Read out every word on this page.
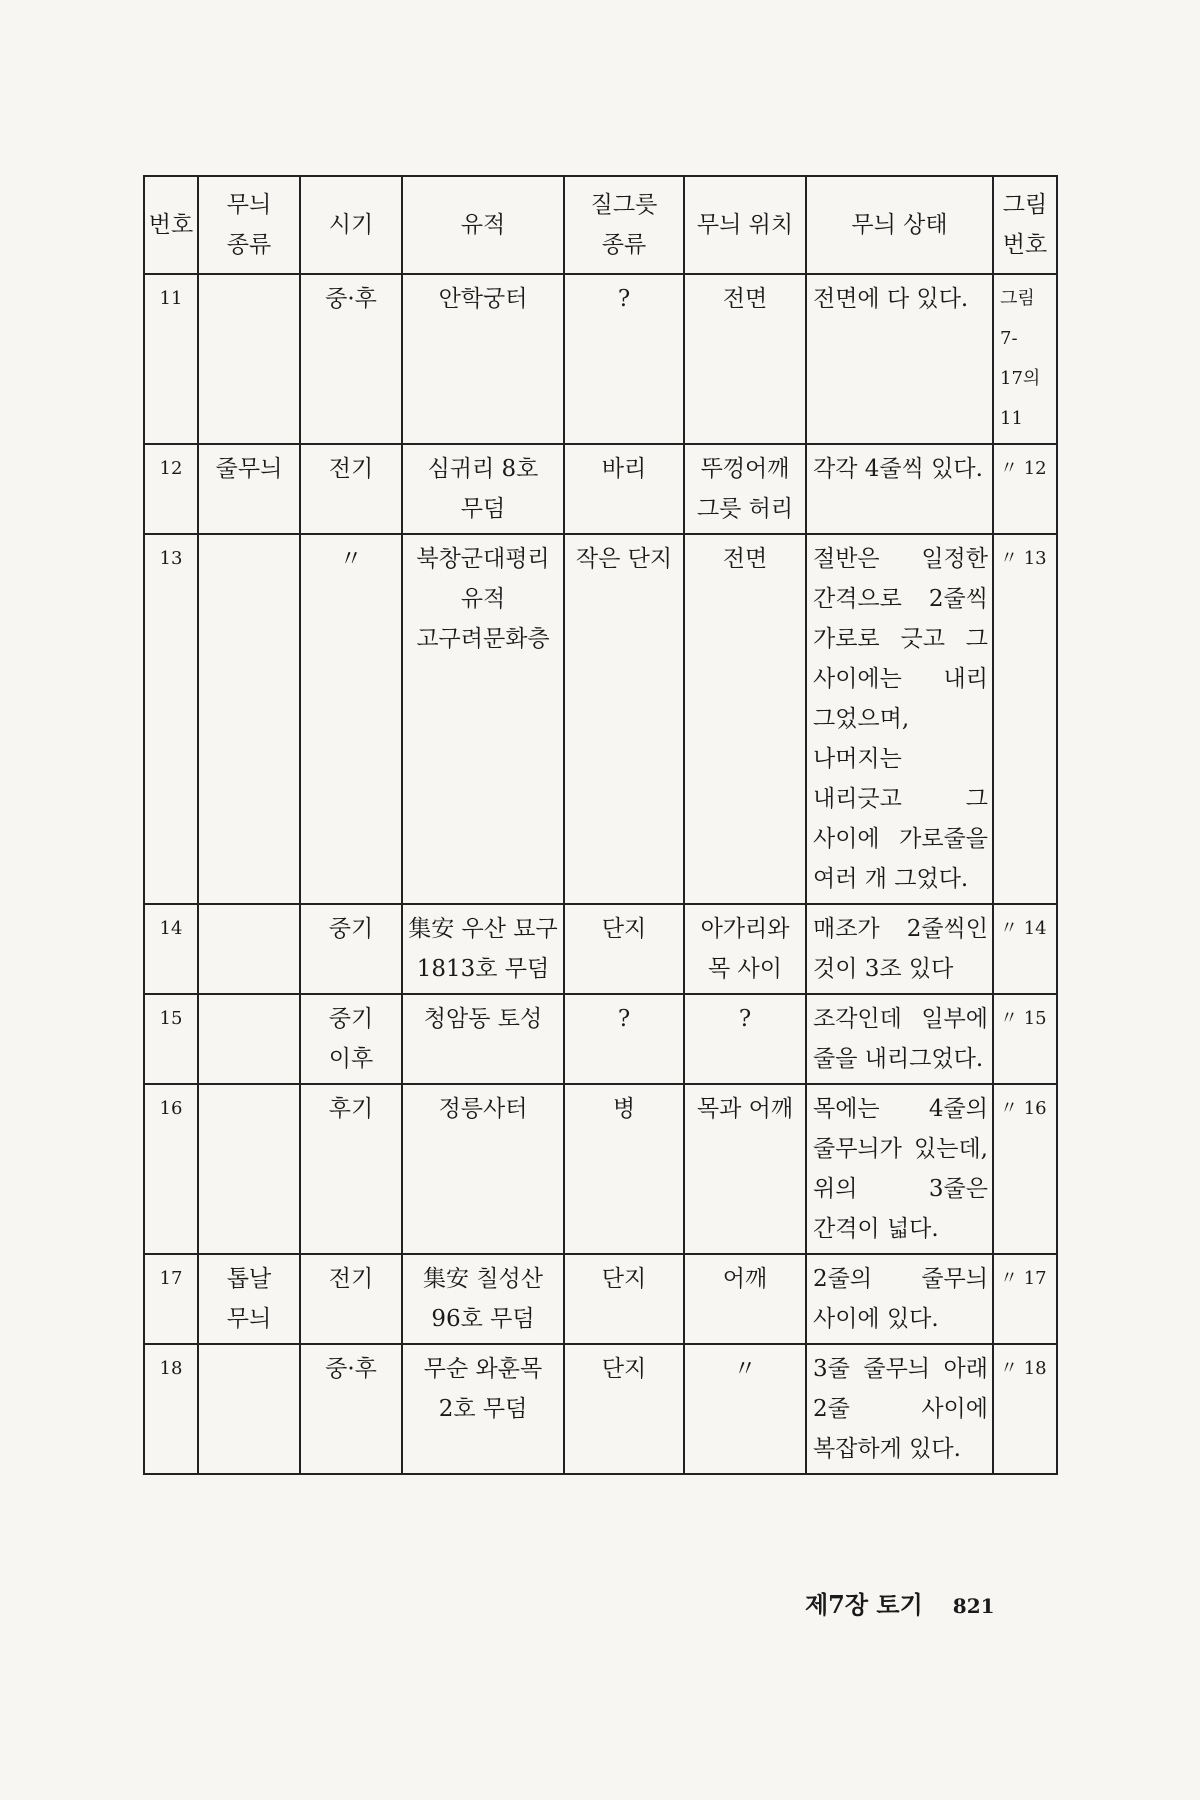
번호	무늬 종류	시기	유적	질그릇 종류	무늬 위치	무늬 상태	그림 번호
11		중·후	안학궁터	?	전면	전면에 다 있다.	그림 7-17의 11
12	줄무늬	전기	심귀리 8호 무덤	바리	뚜껑어깨 그릇 허리	각각 4줄씩 있다.	〃 12
13		〃	북창군대평리 유적 고구려문화층	작은 단지	전면	절반은 일정한 간격으로 2줄씩 가로로 긋고 그 사이에는 내리 그었으며, 나머지는 내리긋고 그 사이에 가로줄을 여러 개 그었다.	〃 13
14		중기	集安 우산 묘구 1813호 무덤	단지	아가리와 목 사이	매조가 2줄씩인 것이 3조 있다	〃 14
15		중기 이후	청암동 토성	?	?	조각인데 일부에 줄을 내리그었다.	〃 15
16		후기	정릉사터	병	목과 어깨	목에는 4줄의 줄무늬가 있는데, 위의 3줄은 간격이 넓다.	〃 16
17	톱날 무늬	전기	集安 칠성산 96호 무덤	단지	어깨	2줄의 줄무늬 사이에 있다.	〃 17
18		중·후	무순 와훈목 2호 무덤	단지	〃	3줄 줄무늬 아래 2줄 사이에 복잡하게 있다.	〃 18
제7장 토기 821
